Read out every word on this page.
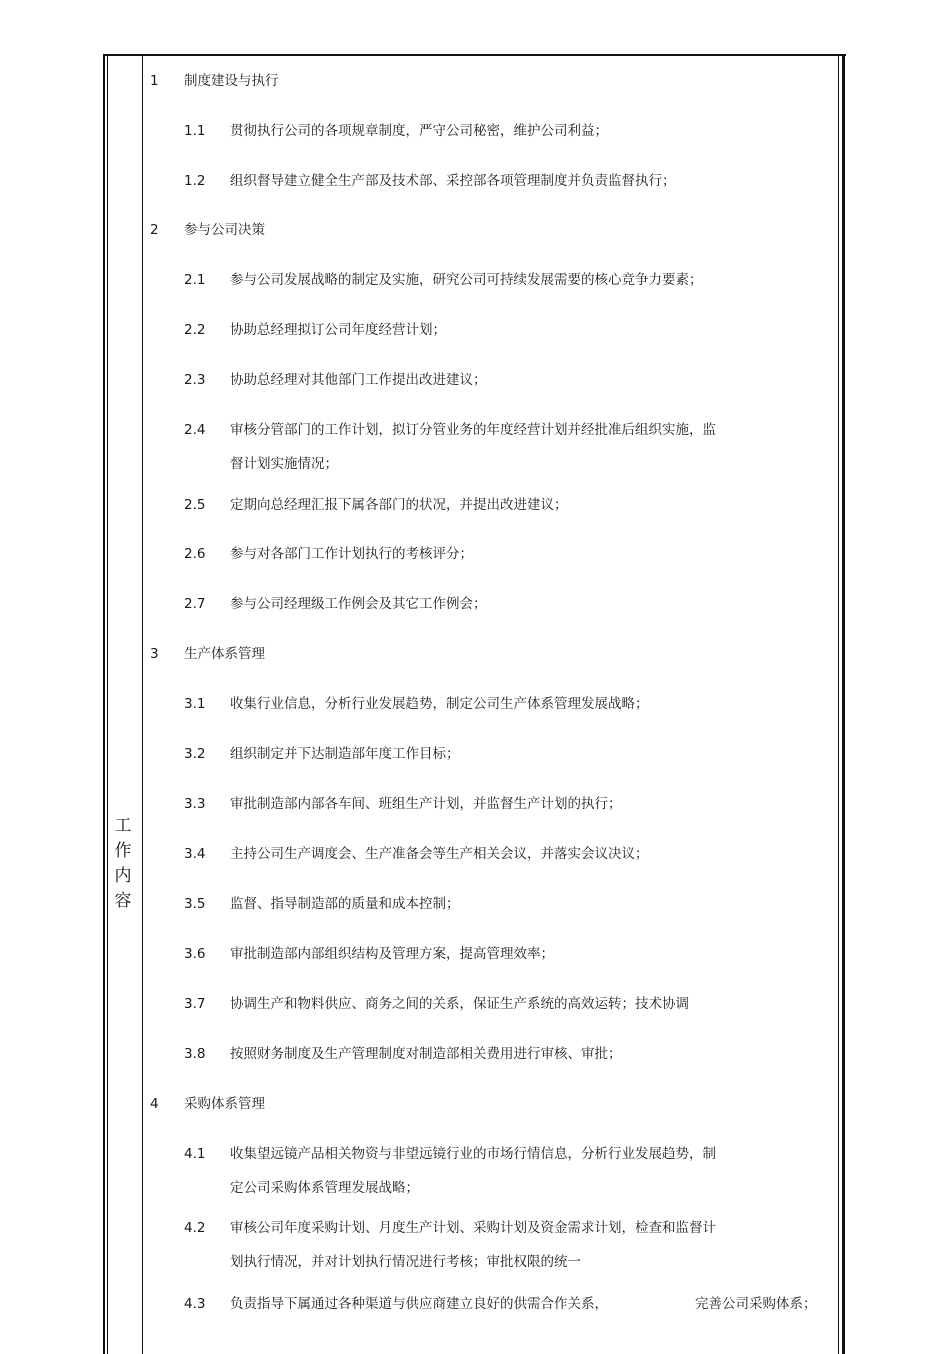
工
作
内
容
1 制度建设与执行
1.1 贯彻执行公司的各项规章制度，严守公司秘密，维护公司利益；
1.2 组织督导建立健全生产部及技术部、采控部各项管理制度并负责监督执行；
2 参与公司决策
2.1 参与公司发展战略的制定及实施，研究公司可持续发展需要的核心竞争力要素；
2.2 协助总经理拟订公司年度经营计划；
2.3 协助总经理对其他部门工作提出改进建议；
2.4 审核分管部门的工作计划，拟订分管业务的年度经营计划并经批准后组织实施，监
督计划实施情况；
2.5 定期向总经理汇报下属各部门的状况，并提出改进建议；
2.6 参与对各部门工作计划执行的考核评分；
2.7 参与公司经理级工作例会及其它工作例会；
3 生产体系管理
3.1 收集行业信息，分析行业发展趋势，制定公司生产体系管理发展战略；
3.2 组织制定并下达制造部年度工作目标；
3.3 审批制造部内部各车间、班组生产计划，并监督生产计划的执行；
3.4 主持公司生产调度会、生产准备会等生产相关会议，并落实会议决议；
3.5 监督、指导制造部的质量和成本控制；
3.6 审批制造部内部组织结构及管理方案，提高管理效率；
3.7 协调生产和物料供应、商务之间的关系，保证生产系统的高效运转；技术协调
3.8 按照财务制度及生产管理制度对制造部相关费用进行审核、审批；
4 采购体系管理
4.1 收集望远镜产品相关物资与非望远镜行业的市场行情信息，分析行业发展趋势，制
定公司采购体系管理发展战略；
4.2 审核公司年度采购计划、月度生产计划、采购计划及资金需求计划，检查和监督计
划执行情况，并对计划执行情况进行考核；审批权限的统一
4.3 负责指导下属通过各种渠道与供应商建立良好的供需合作关系，	完善公司采购体系；
